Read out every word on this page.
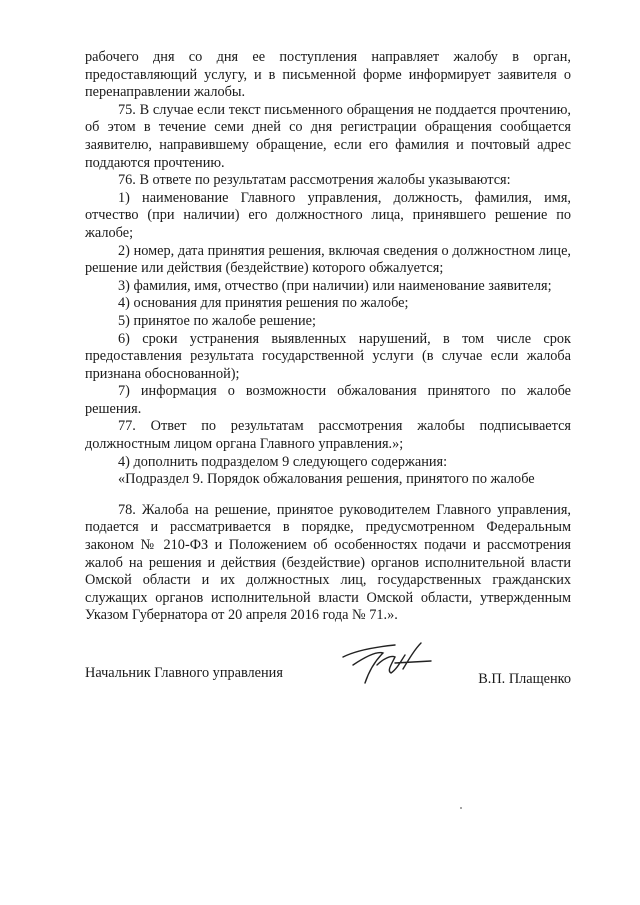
рабочего дня со дня ее поступления направляет жалобу в орган, предоставляющий услугу, и в письменной форме информирует заявителя о перенаправлении жалобы.

75. В случае если текст письменного обращения не поддается прочтению, об этом в течение семи дней со дня регистрации обращения сообщается заявителю, направившему обращение, если его фамилия и почтовый адрес поддаются прочтению.

76. В ответе по результатам рассмотрения жалобы указываются:

1) наименование Главного управления, должность, фамилия, имя, отчество (при наличии) его должностного лица, принявшего решение по жалобе;

2) номер, дата принятия решения, включая сведения о должностном лице, решение или действия (бездействие) которого обжалуется;

3) фамилия, имя, отчество (при наличии) или наименование заявителя;

4) основания для принятия решения по жалобе;

5) принятое по жалобе решение;

6) сроки устранения выявленных нарушений, в том числе срок предоставления результата государственной услуги (в случае если жалоба признана обоснованной);

7) информация о возможности обжалования принятого по жалобе решения.

77. Ответ по результатам рассмотрения жалобы подписывается должностным лицом органа Главного управления.»;

4) дополнить подразделом 9 следующего содержания:

«Подраздел 9. Порядок обжалования решения, принятого по жалобе

78. Жалоба на решение, принятое руководителем Главного управления, подается и рассматривается в порядке, предусмотренном Федеральным законом № 210-ФЗ и Положением об особенностях подачи и рассмотрения жалоб на решения и действия (бездействие) органов исполнительной власти Омской области и их должностных лиц, государственных гражданских служащих органов исполнительной власти Омской области, утвержденным Указом Губернатора от 20 апреля 2016 года № 71.».

Начальник Главного управления	В.П. Плащенко
